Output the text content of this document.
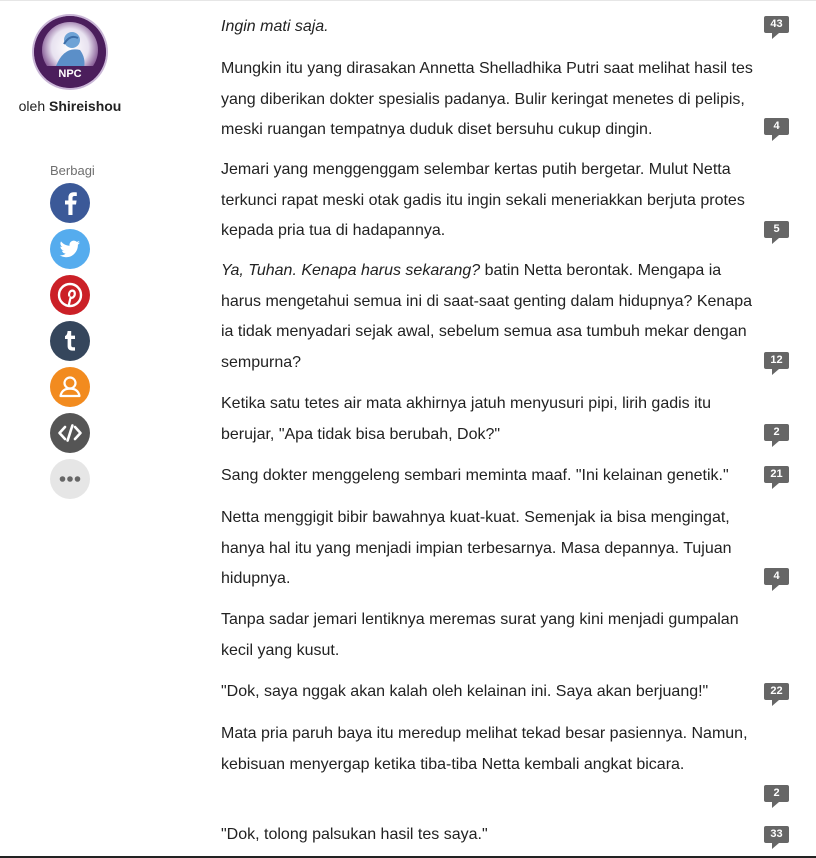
NPC
oleh Shireishou
Berbagi

Ingin mati saja.

Mungkin itu yang dirasakan Annetta Shelladhika Putri saat melihat hasil tes yang diberikan dokter spesialis padanya. Bulir keringat menetes di pelipis, meski ruangan tempatnya duduk diset bersuhu cukup dingin.

Jemari yang menggenggam selembar kertas putih bergetar. Mulut Netta terkunci rapat meski otak gadis itu ingin sekali meneriakkan berjuta protes kepada pria tua di hadapannya.

Ya, Tuhan. Kenapa harus sekarang? batin Netta berontak. Mengapa ia harus mengetahui semua ini di saat-saat genting dalam hidupnya? Kenapa ia tidak menyadari sejak awal, sebelum semua asa tumbuh mekar dengan sempurna?

Ketika satu tetes air mata akhirnya jatuh menyusuri pipi, lirih gadis itu berujar, "Apa tidak bisa berubah, Dok?"

Sang dokter menggeleng sembari meminta maaf. "Ini kelainan genetik."

Netta menggigit bibir bawahnya kuat-kuat. Semenjak ia bisa mengingat, hanya hal itu yang menjadi impian terbesarnya. Masa depannya. Tujuan hidupnya.

Tanpa sadar jemari lentiknya meremas surat yang kini menjadi gumpalan kecil yang kusut.

"Dok, saya nggak akan kalah oleh kelainan ini. Saya akan berjuang!"

Mata pria paruh baya itu meredup melihat tekad besar pasiennya. Namun, kebisuan menyergap ketika tiba-tiba Netta kembali angkat bicara.

"Dok, tolong palsukan hasil tes saya."

43
4
5
12
2
21
4
22
2
33
